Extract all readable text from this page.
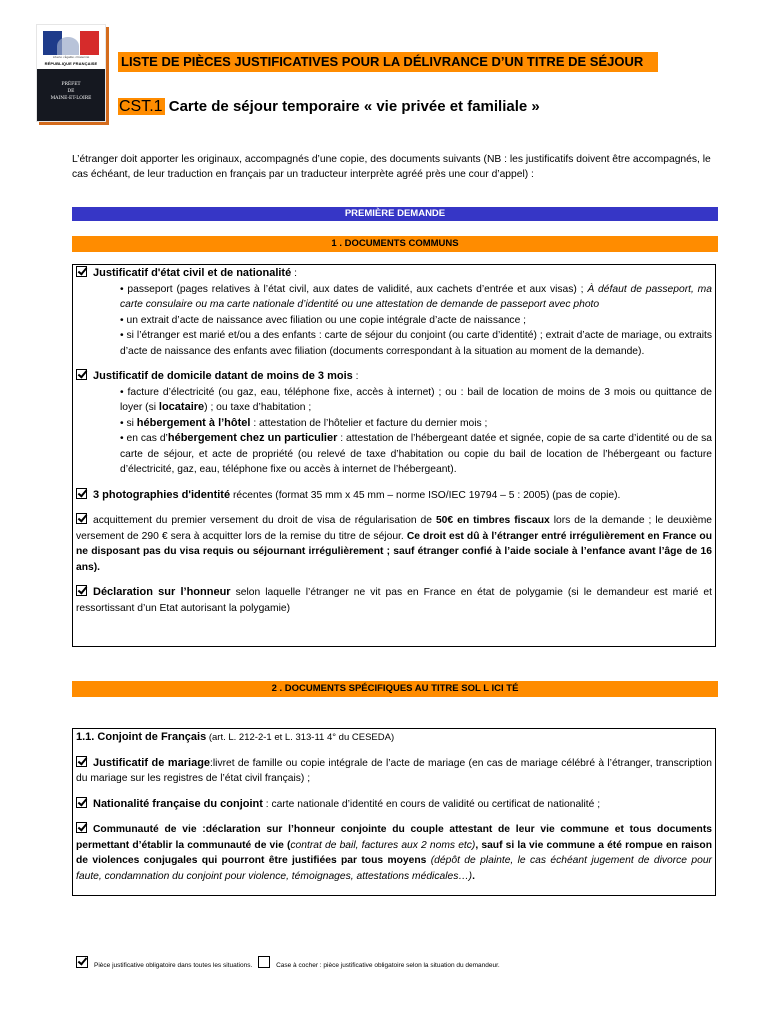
Liberté • Égalité • Fraternité
RÉPUBLIQUE FRANÇAISE
PRÉFET
DE
MAINE-ET-LOIRE
LISTE DE PIÈCES JUSTIFICATIVES POUR LA DÉLIVRANCE D’UN TITRE DE SÉJOUR
CST.1 Carte de séjour temporaire « vie privée et familiale »
L’étranger doit apporter les originaux, accompagnés d’une copie, des documents suivants (NB : les justificatifs doivent être accompagnés, le cas échéant, de leur traduction en français par un traducteur interprète agréé près une cour d’appel) :
PREMIÈRE DEMANDE
1 . DOCUMENTS COMMUNS

Justificatif d'état civil et de nationalité :

• passeport (pages relatives à l’état civil, aux dates de validité, aux cachets d’entrée et aux visas) ; À défaut de passeport, ma carte consulaire ou ma carte nationale d’identité ou une attestation de demande de passeport avec photo

• un extrait d’acte de naissance avec filiation ou une copie intégrale d’acte de naissance ;

• si l’étranger est marié et/ou a des enfants : carte de séjour du conjoint (ou carte d’identité) ; extrait d’acte de mariage, ou extraits d’acte de naissance des enfants avec filiation (documents correspondant à la situation au moment de la demande).

Justificatif de domicile datant de moins de 3 mois :

• facture d’électricité (ou gaz, eau, téléphone fixe, accès à internet) ; ou : bail de location de moins de 3 mois ou quittance de loyer (si locataire) ; ou taxe d’habitation ;

• si hébergement à l’hôtel : attestation de l’hôtelier et facture du dernier mois ;

• en cas d’hébergement chez un particulier : attestation de l’hébergeant datée et signée, copie de sa carte d’identité ou de sa carte de séjour, et acte de propriété (ou relevé de taxe d’habitation ou copie du bail de location de l’hébergeant ou facture d’électricité, gaz, eau, téléphone fixe ou accès à internet de l’hébergeant).

3 photographies d'identité récentes (format 35 mm x 45 mm – norme ISO/IEC 19794 – 5 : 2005) (pas de copie).

acquittement du premier versement du droit de visa de régularisation de 50€ en timbres fiscaux lors de la demande ; le deuxième versement de 290 € sera à acquitter lors de la remise du titre de séjour. Ce droit est dû à l’étranger entré irrégulièrement en France ou ne disposant pas du visa requis ou séjournant irrégulièrement ; sauf étranger confié à l’aide sociale à l’enfance avant l’âge de 16 ans).

Déclaration sur l’honneur selon laquelle l’étranger ne vit pas en France en état de polygamie (si le demandeur est marié et ressortissant d’un Etat autorisant la polygamie)

2 . DOCUMENTS SPÉCIFIQUES AU TITRE SOL L ICI TÉ

1.1. Conjoint de Français (art. L. 212-2-1 et L. 313-11 4° du CESEDA)

Justificatif de mariage:livret de famille ou copie intégrale de l’acte de mariage (en cas de mariage célébré à l’étranger, transcription du mariage sur les registres de l’état civil français) ;

Nationalité française du conjoint : carte nationale d’identité en cours de validité ou certificat de nationalité ;

Communauté de vie :déclaration sur l’honneur conjointe du couple attestant de leur vie commune et tous documents permettant d’établir la communauté de vie (contrat de bail, factures aux 2 noms etc), sauf si la vie commune a été rompue en raison de violences conjugales qui pourront être justifiées par tous moyens (dépôt de plainte, le cas échéant jugement de divorce pour faute, condamnation du conjoint pour violence, témoignages, attestations médicales…).

Pièce justificative obligatoire dans toutes les situations.	Case à cocher : pièce justificative obligatoire selon la situation du demandeur.
